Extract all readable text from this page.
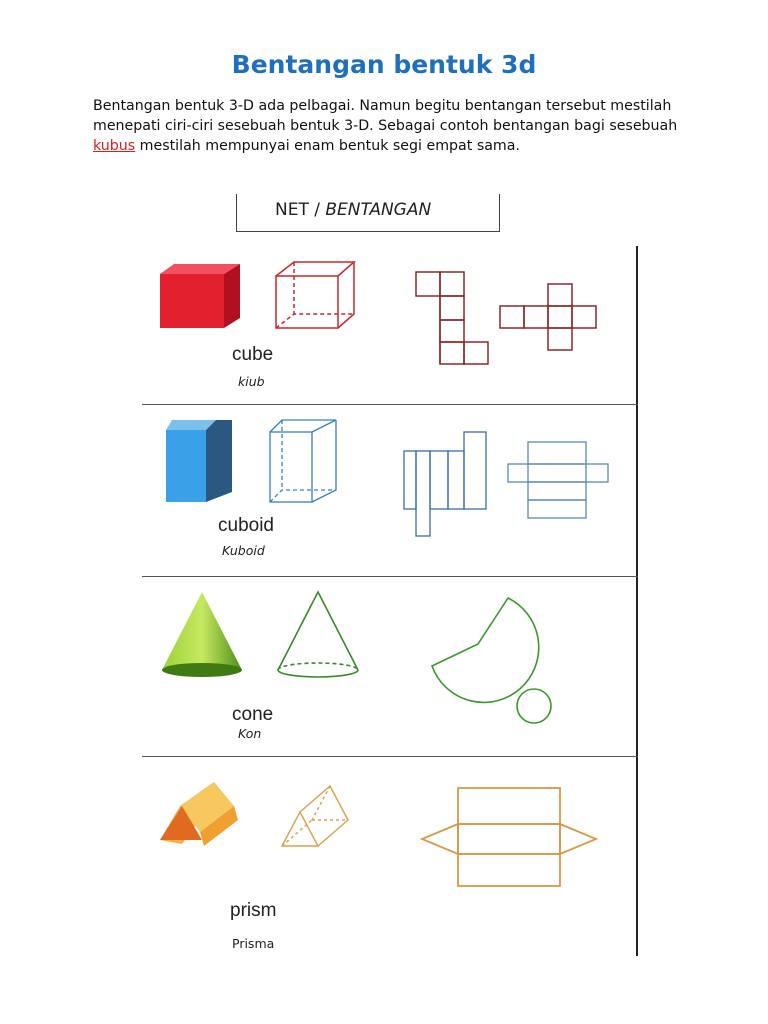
Bentangan bentuk 3d
Bentangan bentuk 3-D ada pelbagai. Namun begitu bentangan tersebut mestilah menepati ciri-ciri sesebuah bentuk 3-D. Sebagai contoh bentangan bagi sesebuah kubus mestilah mempunyai enam bentuk segi empat sama.
NET / BENTANGAN
cube
kiub
cuboid
Kuboid
cone
Kon
prism
Prisma
